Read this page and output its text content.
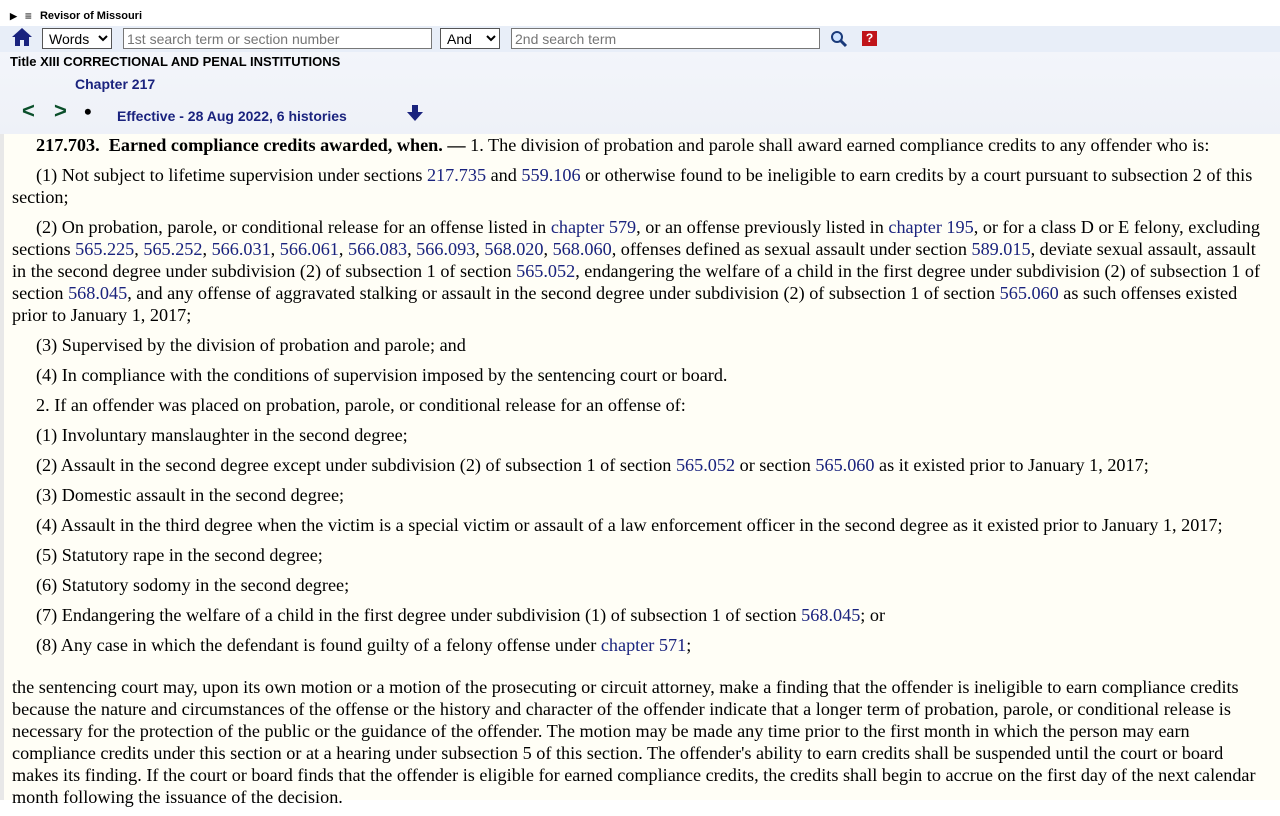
▶ ≡ Revisor of Missouri
Words
1st search term or section number
And
2nd search term
?
Title XIII CORRECTIONAL AND PENAL INSTITUTIONS
Chapter 217
< > • Effective - 28 Aug 2022, 6 histories

217.703. Earned compliance credits awarded, when. — 1. The division of probation and parole shall award earned compliance credits to any offender who is:

(1) Not subject to lifetime supervision under sections 217.735 and 559.106 or otherwise found to be ineligible to earn credits by a court pursuant to subsection 2 of this section;

(2) On probation, parole, or conditional release for an offense listed in chapter 579, or an offense previously listed in chapter 195, or for a class D or E felony, excluding sections 565.225, 565.252, 566.031, 566.061, 566.083, 566.093, 568.020, 568.060, offenses defined as sexual assault under section 589.015, deviate sexual assault, assault in the second degree under subdivision (2) of subsection 1 of section 565.052, endangering the welfare of a child in the first degree under subdivision (2) of subsection 1 of section 568.045, and any offense of aggravated stalking or assault in the second degree under subdivision (2) of subsection 1 of section 565.060 as such offenses existed prior to January 1, 2017;

(3) Supervised by the division of probation and parole; and

(4) In compliance with the conditions of supervision imposed by the sentencing court or board.

2. If an offender was placed on probation, parole, or conditional release for an offense of:

(1) Involuntary manslaughter in the second degree;

(2) Assault in the second degree except under subdivision (2) of subsection 1 of section 565.052 or section 565.060 as it existed prior to January 1, 2017;

(3) Domestic assault in the second degree;

(4) Assault in the third degree when the victim is a special victim or assault of a law enforcement officer in the second degree as it existed prior to January 1, 2017;

(5) Statutory rape in the second degree;

(6) Statutory sodomy in the second degree;

(7) Endangering the welfare of a child in the first degree under subdivision (1) of subsection 1 of section 568.045; or

(8) Any case in which the defendant is found guilty of a felony offense under chapter 571;

the sentencing court may, upon its own motion or a motion of the prosecuting or circuit attorney, make a finding that the offender is ineligible to earn compliance credits because the nature and circumstances of the offense or the history and character of the offender indicate that a longer term of probation, parole, or conditional release is necessary for the protection of the public or the guidance of the offender. The motion may be made any time prior to the first month in which the person may earn compliance credits under this section or at a hearing under subsection 5 of this section. The offender's ability to earn credits shall be suspended until the court or board makes its finding. If the court or board finds that the offender is eligible for earned compliance credits, the credits shall begin to accrue on the first day of the next calendar month following the issuance of the decision.
